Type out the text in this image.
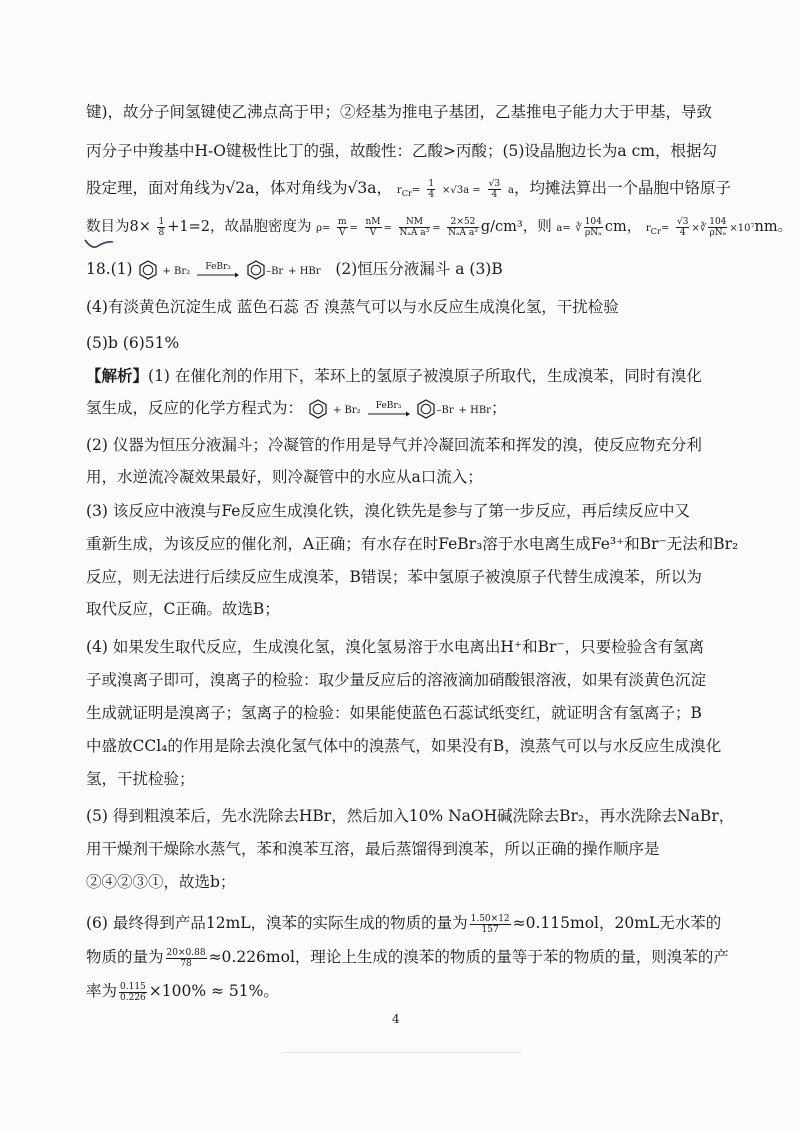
键)，故分子间氢键使乙沸点高于甲；②烃基为推电子基团，乙基推电子能力大于甲基，导致
丙分子中羧基中H-O键极性比丁的强，故酸性：乙酸>丙酸；(5)设晶胞边长为a cm，根据勾
股定理，面对角线为√2a，体对角线为√3a， $r_{Cr}= \frac{1}{4} \times√3a = \frac{√3}{4}$ a，均摊法算出一个晶胞中铬原子
数目为$8\times \frac{1}{8} +1=2$，故晶胞密度为 $\rho= \frac{m}{V} = \frac{nM}{V} = \frac{NM}{\text{NₐA a³}} = \frac{2\times 52}{\text{NₐA a³}} g/cm^3$，则 a= ∛ $\frac{104}{\text{ρNₐ}}$ cm， $r_{Cr}= \frac{√3}{4}$ ×∛ $\frac{104}{\text{ρNₐ}} \times 10^7nm$。
18.(1)	+ Br₂	FeBr₃	–Br + HBr (2)恒压分液漏斗 a (3)B
(4)有淡黄色沉淀生成 蓝色石蕊 否 溴蒸气可以与水反应生成溴化氢，干扰检验
(5)b (6)51%
【解析】(1) 在催化剂的作用下，苯环上的氢原子被溴原子所取代，生成溴苯，同时有溴化
氢生成，反应的化学方程式为：	+ Br₂	FeBr₃	–Br + HBr；
(2) 仪器为恒压分液漏斗；冷凝管的作用是导气并冷凝回流苯和挥发的溴，使反应物充分利
用，水逆流冷凝效果最好，则冷凝管中的水应从a口流入；
(3) 该反应中液溴与Fe反应生成溴化铁，溴化铁先是参与了第一步反应，再后续反应中又
重新生成，为该反应的催化剂，A正确；有水存在时FeBr₃溶于水电离生成Fe³⁺和Br⁻无法和Br₂
反应，则无法进行后续反应生成溴苯，B错误；苯中氢原子被溴原子代替生成溴苯，所以为
取代反应，C正确。故选B；
(4) 如果发生取代反应，生成溴化氢，溴化氢易溶于水电离出H⁺和Br⁻，只要检验含有氢离
子或溴离子即可，溴离子的检验：取少量反应后的溶液滴加硝酸银溶液，如果有淡黄色沉淀
生成就证明是溴离子；氢离子的检验：如果能使蓝色石蕊试纸变红，就证明含有氢离子；B
中盛放CCl₄的作用是除去溴化氢气体中的溴蒸气，如果没有B，溴蒸气可以与水反应生成溴化
氢，干扰检验；
(5) 得到粗溴苯后，先水洗除去HBr，然后加入10% NaOH碱洗除去Br₂，再水洗除去NaBr，
用干燥剂干燥除水蒸气，苯和溴苯互溶，最后蒸馏得到溴苯，所以正确的操作顺序是
②④②③①，故选b；
(6) 最终得到产品12mL，溴苯的实际生成的物质的量为 $\frac{1.50\times 12}{157} \approx 0.115mol$，20mL无水苯的
物质的量为 $\frac{20\times 0.88}{78} \approx 0.226mol$，理论上生成的溴苯的物质的量等于苯的物质的量，则溴苯的产
率为 $\frac{0.115}{0.226} \times 100\% \approx 51\%$。
4
